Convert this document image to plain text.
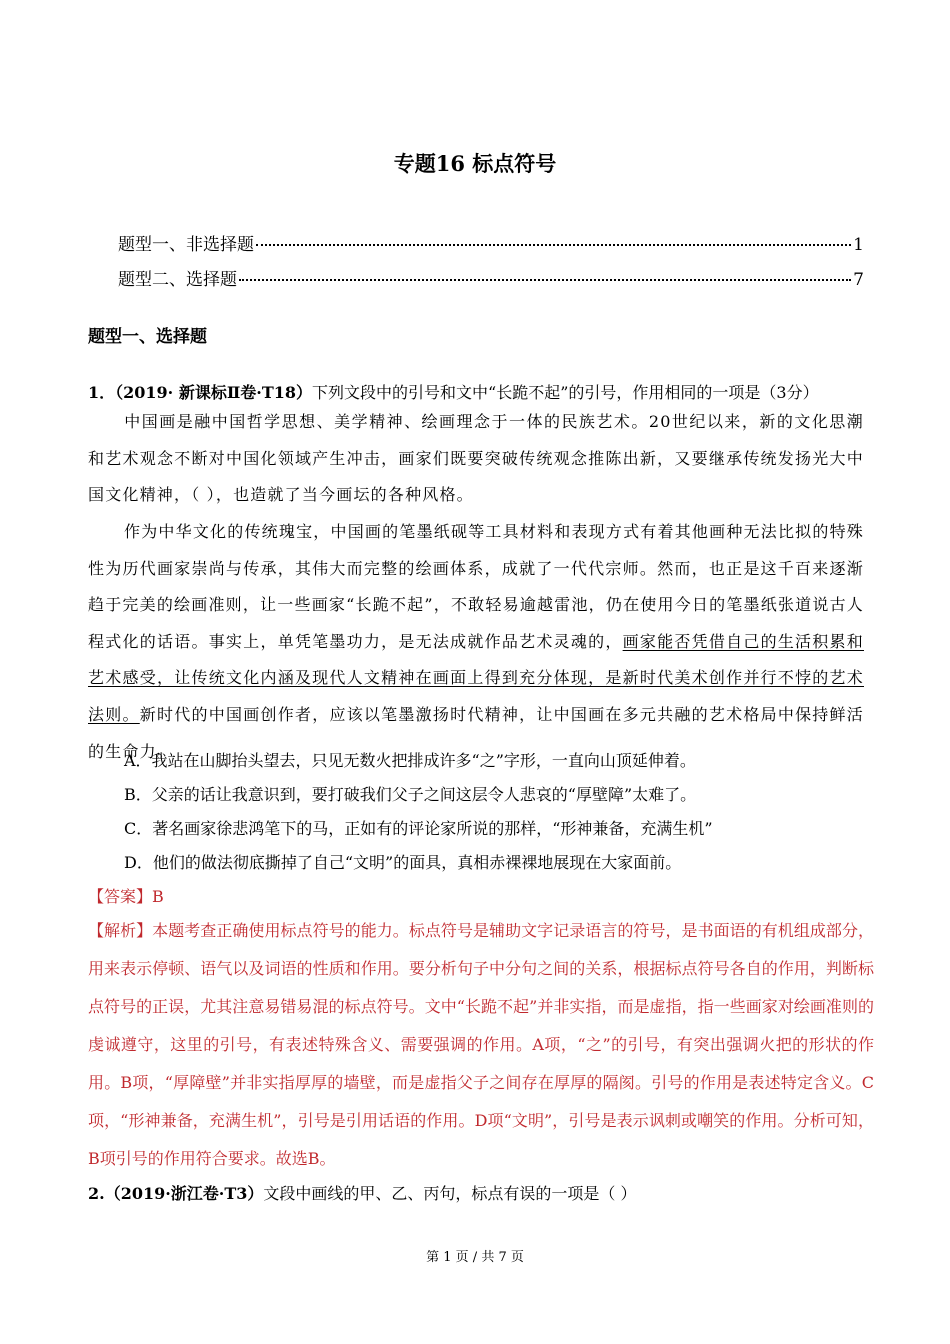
专题16 标点符号
题型一、非选择题	1
题型二、选择题	7
题型一、选择题
1．（2019· 新课标Ⅱ卷·T18）下列文段中的引号和文中“长跪不起”的引号，作用相同的一项是（3分）
中国画是融中国哲学思想、美学精神、绘画理念于一体的民族艺术。20世纪以来，新的文化思潮和艺术观念不断对中国化领域产生冲击，画家们既要突破传统观念推陈出新，又要继承传统发扬光大中国文化精神，（ ），也造就了当今画坛的各种风格。
作为中华文化的传统瑰宝，中国画的笔墨纸砚等工具材料和表现方式有着其他画种无法比拟的特殊性为历代画家崇尚与传承，其伟大而完整的绘画体系，成就了一代代宗师。然而，也正是这千百来逐渐趋于完美的绘画准则，让一些画家“长跪不起”，不敢轻易逾越雷池，仍在使用今日的笔墨纸张道说古人程式化的话语。事实上，单凭笔墨功力，是无法成就作品艺术灵魂的，画家能否凭借自己的生活积累和艺术感受，让传统文化内涵及现代人文精神在画面上得到充分体现，是新时代美术创作并行不悖的艺术法则。新时代的中国画创作者，应该以笔墨激扬时代精神，让中国画在多元共融的艺术格局中保持鲜活的生命力。
A．我站在山脚抬头望去，只见无数火把排成许多“之”字形，一直向山顶延伸着。
B．父亲的话让我意识到，要打破我们父子之间这层令人悲哀的“厚壁障”太难了。
C．著名画家徐悲鸿笔下的马，正如有的评论家所说的那样，“形神兼备，充满生机”
D．他们的做法彻底撕掉了自己“文明”的面具，真相赤裸裸地展现在大家面前。
【答案】B
【解析】本题考查正确使用标点符号的能力。标点符号是辅助文字记录语言的符号，是书面语的有机组成部分，用来表示停顿、语气以及词语的性质和作用。要分析句子中分句之间的关系，根据标点符号各自的作用，判断标点符号的正误，尤其注意易错易混的标点符号。文中“长跪不起”并非实指，而是虚指，指一些画家对绘画准则的虔诚遵守，这里的引号，有表述特殊含义、需要强调的作用。A项，“之”的引号，有突出强调火把的形状的作用。B项，“厚障壁”并非实指厚厚的墙壁，而是虚指父子之间存在厚厚的隔阂。引号的作用是表述特定含义。C项，“形神兼备，充满生机”，引号是引用话语的作用。D项“文明”，引号是表示讽刺或嘲笑的作用。分析可知，B项引号的作用符合要求。故选B。
2.（2019·浙江卷·T3）文段中画线的甲、乙、丙句，标点有误的一项是（ ）
第 1 页 / 共 7 页
